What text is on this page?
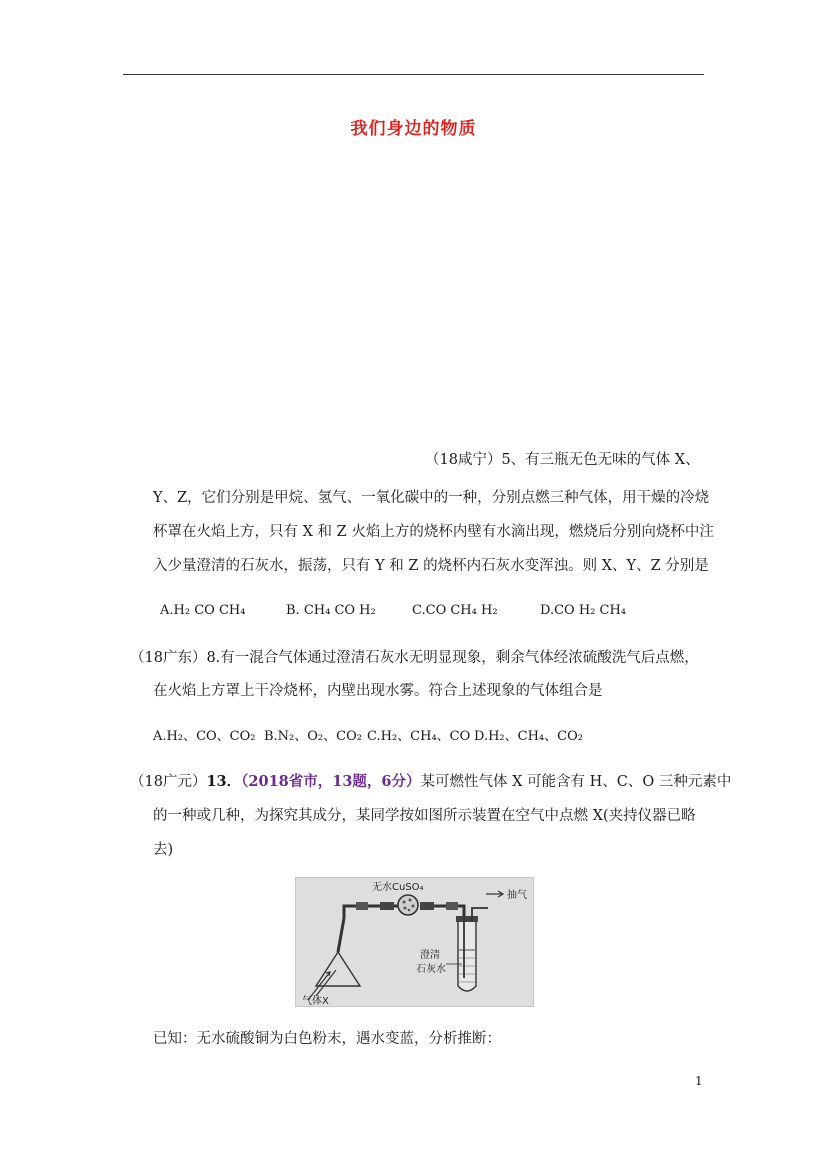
我们身边的物质
（18咸宁）5、有三瓶无色无味的气体 X、
Y、Z，它们分别是甲烷、氢气、一氧化碳中的一种，分别点燃三种气体，用干燥的冷烧
杯罩在火焰上方，只有 X 和 Z 火焰上方的烧杯内壁有水滴出现，燃烧后分别向烧杯中注
入少量澄清的石灰水，振荡，只有 Y 和 Z 的烧杯内石灰水变浑浊。则 X、Y、Z 分别是
A.H₂ CO CH₄	B. CH₄ CO H₂	C.CO CH₄ H₂	D.CO H₂ CH₄
（18广东）8.有一混合气体通过澄清石灰水无明显现象，剩余气体经浓硫酸洗气后点燃，
在火焰上方罩上干冷烧杯，内壁出现水雾。符合上述现象的气体组合是
A.H₂、CO、CO₂ B.N₂、O₂、CO₂ C.H₂、CH₄、CO D.H₂、CH₄、CO₂
（18广元）13．（2018省市，13题，6分）某可燃性气体 X 可能含有 H、C、O 三种元素中
的一种或几种，为探究其成分，某同学按如图所示装置在空气中点燃 X(夹持仪器已略
去)
无水CuSO₄
抽气
澄清
石灰水
气体X
已知：无水硫酸铜为白色粉末，遇水变蓝，分析推断：
1
